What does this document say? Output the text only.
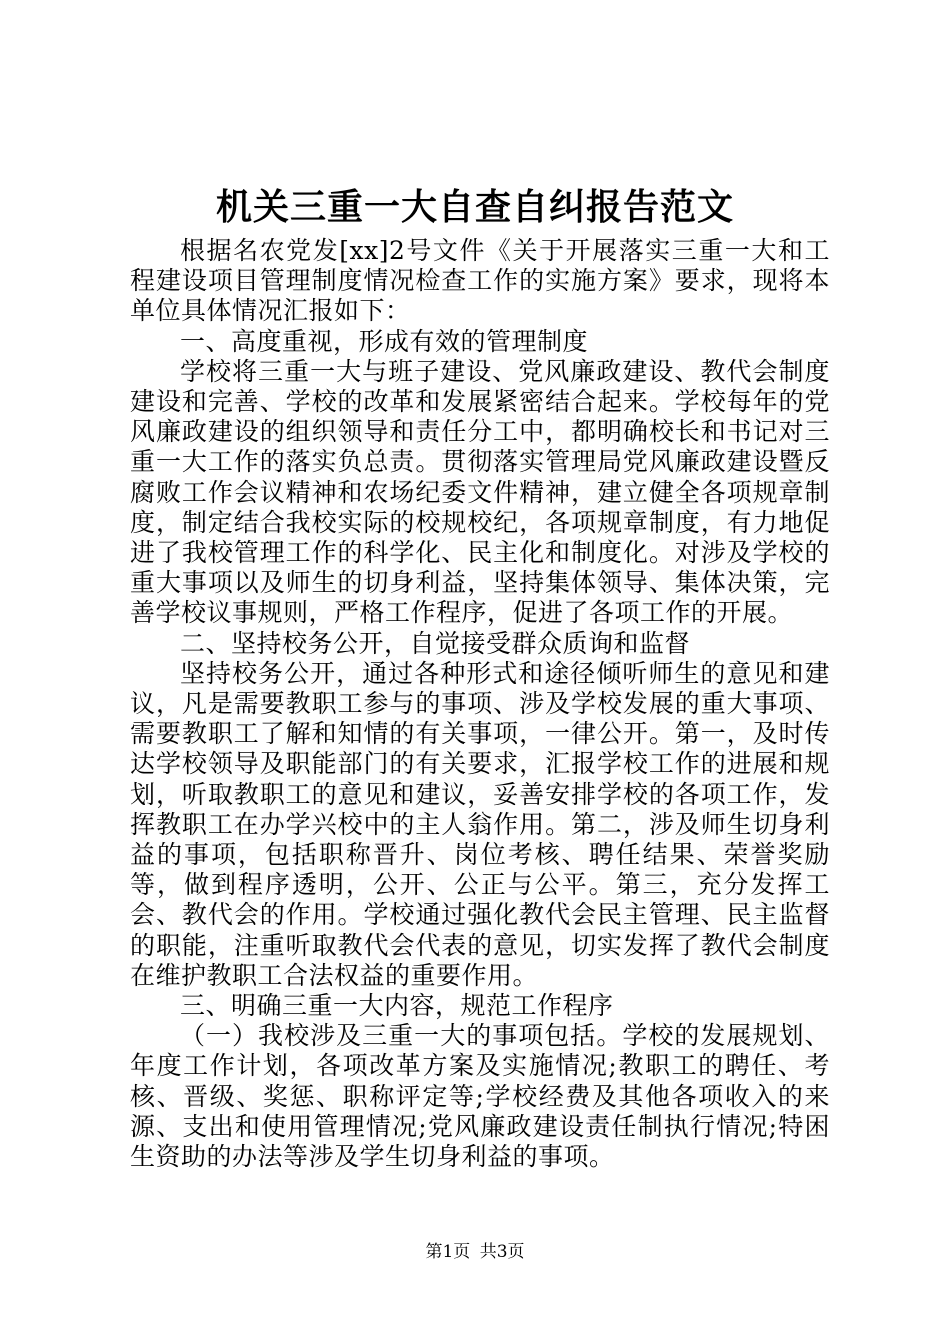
机关三重一大自查自纠报告范文

根据名农党发[xx]2号文件《关于开展落实三重一大和工程建设项目管理制度情况检查工作的实施方案》要求，现将本单位具体情况汇报如下：

一、高度重视，形成有效的管理制度

学校将三重一大与班子建设、党风廉政建设、教代会制度建设和完善、学校的改革和发展紧密结合起来。学校每年的党风廉政建设的组织领导和责任分工中，都明确校长和书记对三重一大工作的落实负总责。贯彻落实管理局党风廉政建设暨反腐败工作会议精神和农场纪委文件精神，建立健全各项规章制度，制定结合我校实际的校规校纪，各项规章制度，有力地促进了我校管理工作的科学化、民主化和制度化。对涉及学校的重大事项以及师生的切身利益，坚持集体领导、集体决策，完善学校议事规则，严格工作程序，促进了各项工作的开展。

二、坚持校务公开，自觉接受群众质询和监督

坚持校务公开，通过各种形式和途径倾听师生的意见和建议，凡是需要教职工参与的事项、涉及学校发展的重大事项、需要教职工了解和知情的有关事项，一律公开。第一，及时传达学校领导及职能部门的有关要求，汇报学校工作的进展和规划，听取教职工的意见和建议，妥善安排学校的各项工作，发挥教职工在办学兴校中的主人翁作用。第二，涉及师生切身利益的事项，包括职称晋升、岗位考核、聘任结果、荣誉奖励等，做到程序透明，公开、公正与公平。第三，充分发挥工会、教代会的作用。学校通过强化教代会民主管理、民主监督的职能，注重听取教代会代表的意见，切实发挥了教代会制度在维护教职工合法权益的重要作用。

三、明确三重一大内容，规范工作程序

（一）我校涉及三重一大的事项包括。学校的发展规划、年度工作计划，各项改革方案及实施情况;教职工的聘任、考核、晋级、奖惩、职称评定等;学校经费及其他各项收入的来源、支出和使用管理情况;党风廉政建设责任制执行情况;特困生资助的办法等涉及学生切身利益的事项。

第1页 共3页
